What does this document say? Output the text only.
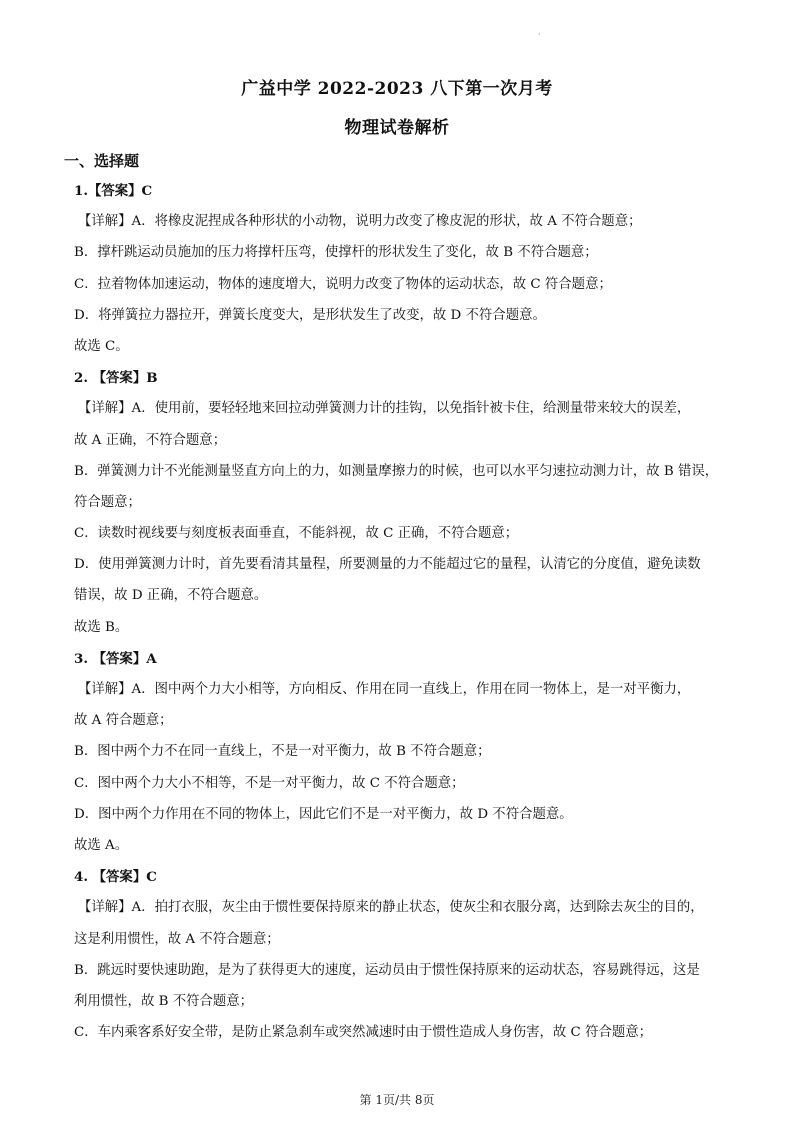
·
广益中学 2022-2023 八下第一次月考
物理试卷解析
一、选择题
1.【答案】C
【详解】A．将橡皮泥捏成各种形状的小动物，说明力改变了橡皮泥的形状，故 A 不符合题意；
B．撑杆跳运动员施加的压力将撑杆压弯，使撑杆的形状发生了变化，故 B 不符合题意；
C．拉着物体加速运动，物体的速度增大，说明力改变了物体的运动状态，故 C 符合题意；
D．将弹簧拉力器拉开，弹簧长度变大，是形状发生了改变，故 D 不符合题意。
故选 C。
2. 【答案】B
【详解】A．使用前，要轻轻地来回拉动弹簧测力计的挂钩，以免指针被卡住，给测量带来较大的误差，
故 A 正确，不符合题意；
B．弹簧测力计不光能测量竖直方向上的力，如测量摩擦力的时候，也可以水平匀速拉动测力计，故 B 错误，
符合题意；
C．读数时视线要与刻度板表面垂直，不能斜视，故 C 正确，不符合题意；
D．使用弹簧测力计时，首先要看清其量程，所要测量的力不能超过它的量程，认清它的分度值，避免读数
错误，故 D 正确，不符合题意。
故选 B。
3. 【答案】A
【详解】A．图中两个力大小相等，方向相反、作用在同一直线上，作用在同一物体上，是一对平衡力，
故 A 符合题意；
B．图中两个力不在同一直线上，不是一对平衡力，故 B 不符合题意；
C．图中两个力大小不相等，不是一对平衡力，故 C 不符合题意；
D．图中两个力作用在不同的物体上，因此它们不是一对平衡力，故 D 不符合题意。
故选 A。
4. 【答案】C
【详解】A．拍打衣服，灰尘由于惯性要保持原来的静止状态，使灰尘和衣服分离，达到除去灰尘的目的，
这是利用惯性，故 A 不符合题意；
B．跳远时要快速助跑，是为了获得更大的速度，运动员由于惯性保持原来的运动状态，容易跳得远，这是
利用惯性，故 B 不符合题意；
C．车内乘客系好安全带，是防止紧急刹车或突然减速时由于惯性造成人身伤害，故 C 符合题意；
第 1页/共 8页
